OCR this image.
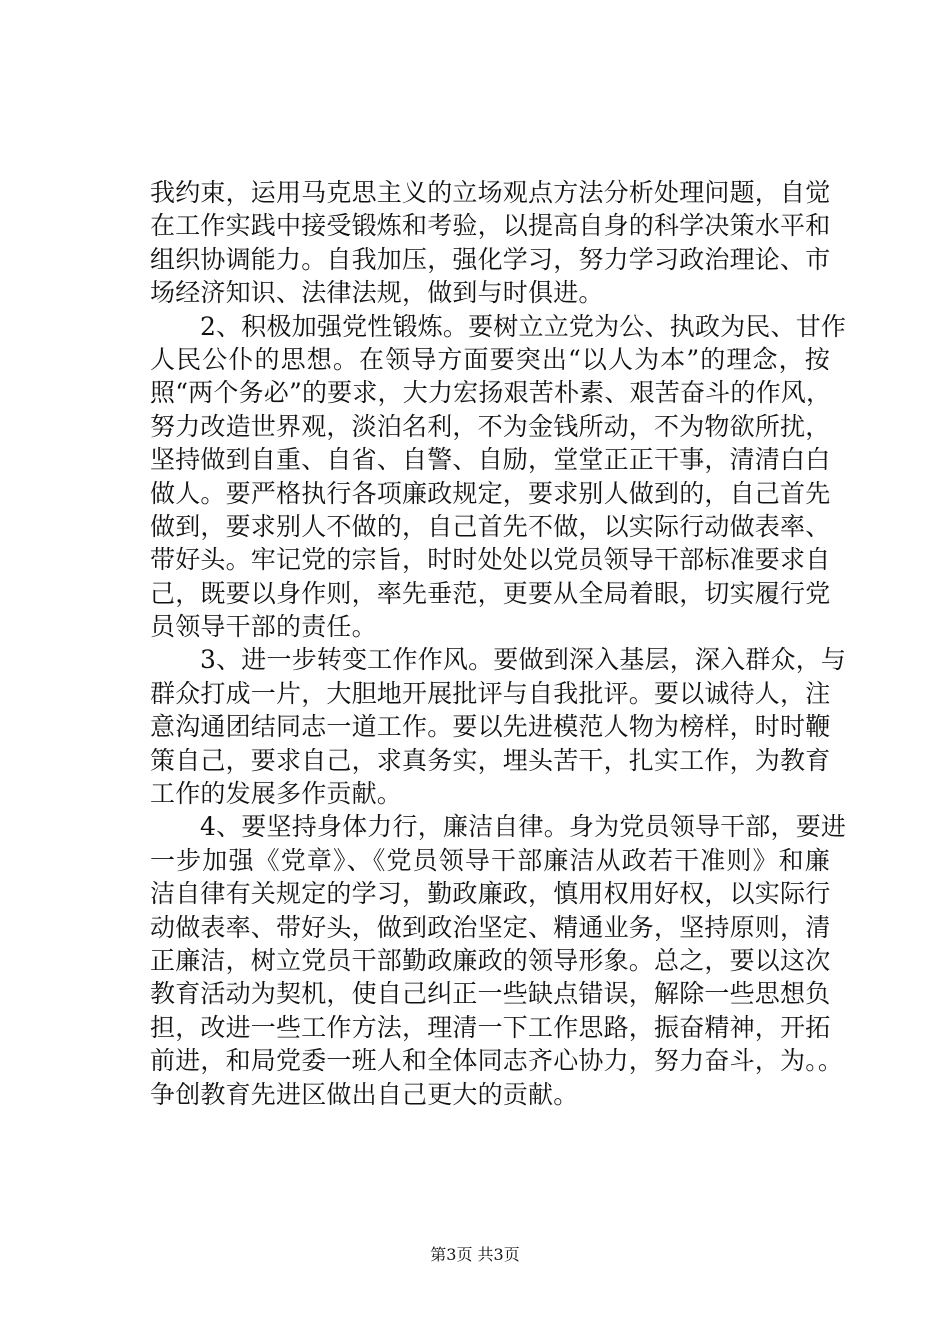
我约束，运用马克思主义的立场观点方法分析处理问题，自觉
在工作实践中接受锻炼和考验，以提高自身的科学决策水平和
组织协调能力。自我加压，强化学习，努力学习政治理论、市
场经济知识、法律法规，做到与时俱进。
2、积极加强党性锻炼。要树立立党为公、执政为民、甘作
人民公仆的思想。在领导方面要突出“以人为本”的理念，按
照“两个务必”的要求，大力宏扬艰苦朴素、艰苦奋斗的作风，
努力改造世界观，淡泊名利，不为金钱所动，不为物欲所扰，
坚持做到自重、自省、自警、自励，堂堂正正干事，清清白白
做人。要严格执行各项廉政规定，要求别人做到的，自己首先
做到，要求别人不做的，自己首先不做，以实际行动做表率、
带好头。牢记党的宗旨，时时处处以党员领导干部标准要求自
己，既要以身作则，率先垂范，更要从全局着眼，切实履行党
员领导干部的责任。
3、进一步转变工作作风。要做到深入基层，深入群众，与
群众打成一片，大胆地开展批评与自我批评。要以诚待人，注
意沟通团结同志一道工作。要以先进模范人物为榜样，时时鞭
策自己，要求自己，求真务实，埋头苦干，扎实工作，为教育
工作的发展多作贡献。
4、要坚持身体力行，廉洁自律。身为党员领导干部，要进
一步加强《党章》、《党员领导干部廉洁从政若干准则》和廉
洁自律有关规定的学习，勤政廉政，慎用权用好权，以实际行
动做表率、带好头，做到政治坚定、精通业务，坚持原则，清
正廉洁，树立党员干部勤政廉政的领导形象。总之，要以这次
教育活动为契机，使自己纠正一些缺点错误，解除一些思想负
担，改进一些工作方法，理清一下工作思路，振奋精神，开拓
前进，和局党委一班人和全体同志齐心协力，努力奋斗，为。。
争创教育先进区做出自己更大的贡献。
第3页 共3页
